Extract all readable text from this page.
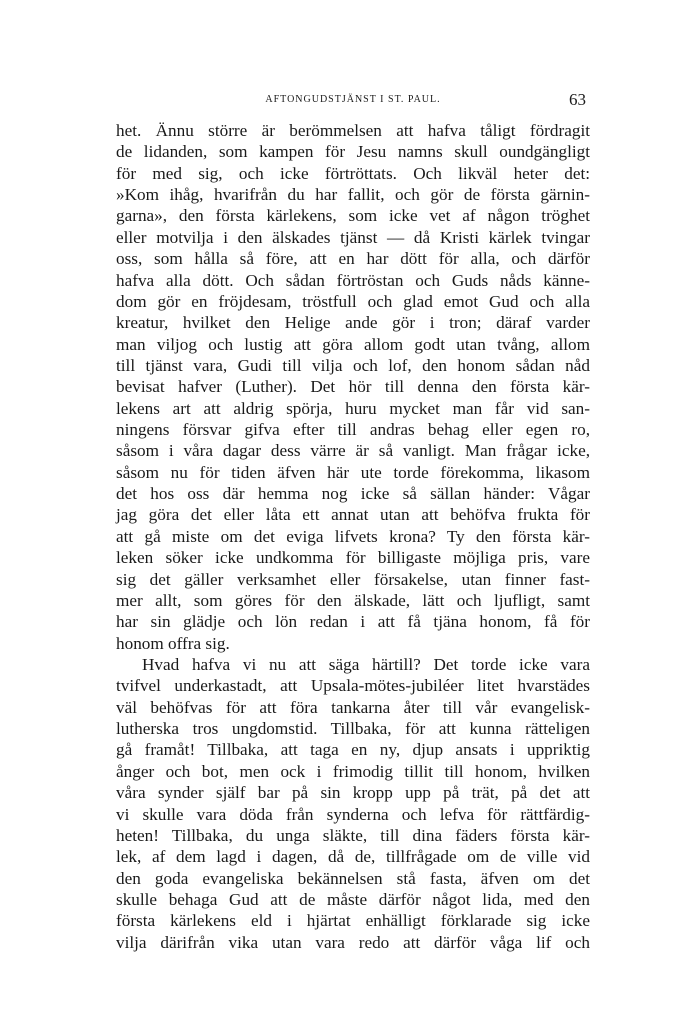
AFTONGUDSTJÄNST I ST. PAUL.	63
het. Ännu större är berömmelsen att hafva tåligt fördragit
de lidanden, som kampen för Jesu namns skull oundgängligt
för med sig, och icke förtröttats. Och likväl heter det:
»Kom ihåg, hvarifrån du har fallit, och gör de första gärnin-
garna», den första kärlekens, som icke vet af någon tröghet
eller motvilja i den älskades tjänst — då Kristi kärlek tvingar
oss, som hålla så före, att en har dött för alla, och därför
hafva alla dött. Och sådan förtröstan och Guds nåds känne-
dom gör en fröjdesam, tröstfull och glad emot Gud och alla
kreatur, hvilket den Helige ande gör i tron; däraf varder
man viljog och lustig att göra allom godt utan tvång, allom
till tjänst vara, Gudi till vilja och lof, den honom sådan nåd
bevisat hafver (Luther). Det hör till denna den första kär-
lekens art att aldrig spörja, huru mycket man får vid san-
ningens försvar gifva efter till andras behag eller egen ro,
såsom i våra dagar dess värre är så vanligt. Man frågar icke,
såsom nu för tiden äfven här ute torde förekomma, likasom
det hos oss där hemma nog icke så sällan händer: Vågar
jag göra det eller låta ett annat utan att behöfva frukta för
att gå miste om det eviga lifvets krona? Ty den första kär-
leken söker icke undkomma för billigaste möjliga pris, vare
sig det gäller verksamhet eller försakelse, utan finner fast-
mer allt, som göres för den älskade, lätt och ljufligt, samt
har sin glädje och lön redan i att få tjäna honom, få för
honom offra sig.
Hvad hafva vi nu att säga härtill? Det torde icke vara
tvifvel underkastadt, att Upsala-mötes-jubiléer litet hvarstädes
väl behöfvas för att föra tankarna åter till vår evangelisk-
lutherska tros ungdomstid. Tillbaka, för att kunna rätteligen
gå framåt! Tillbaka, att taga en ny, djup ansats i uppriktig
ånger och bot, men ock i frimodig tillit till honom, hvilken
våra synder själf bar på sin kropp upp på trät, på det att
vi skulle vara döda från synderna och lefva för rättfärdig-
heten! Tillbaka, du unga släkte, till dina fäders första kär-
lek, af dem lagd i dagen, då de, tillfrågade om de ville vid
den goda evangeliska bekännelsen stå fasta, äfven om det
skulle behaga Gud att de måste därför något lida, med den
första kärlekens eld i hjärtat enhälligt förklarade sig icke
vilja därifrån vika utan vara redo att därför våga lif och
